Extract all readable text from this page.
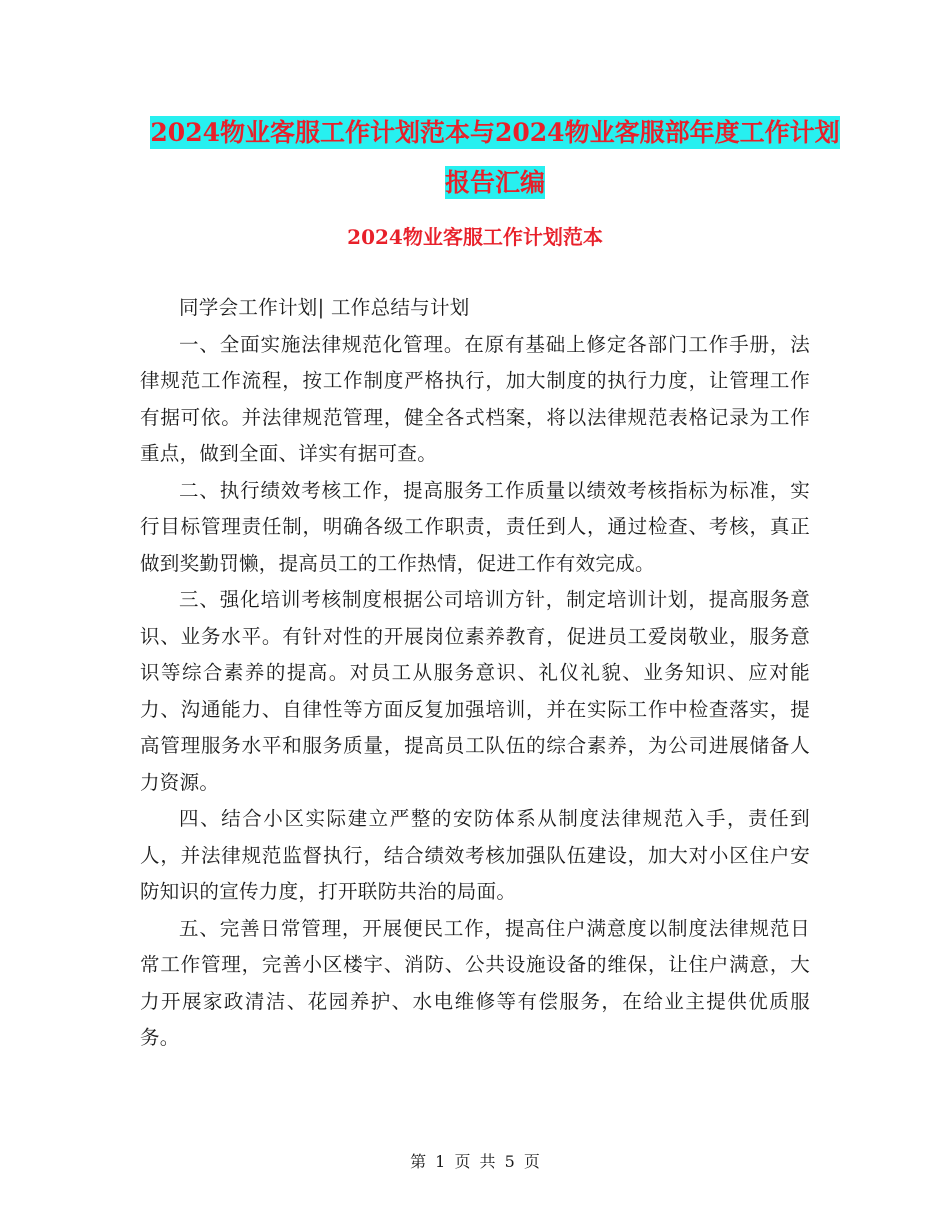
2024物业客服工作计划范本与2024物业客服部年度工作计划报告汇编
2024物业客服工作计划范本

同学会工作计划| 工作总结与计划

一、全面实施法律规范化管理。在原有基础上修定各部门工作手册，法律规范工作流程，按工作制度严格执行，加大制度的执行力度，让管理工作有据可依。并法律规范管理，健全各式档案，将以法律规范表格记录为工作重点，做到全面、详实有据可查。

二、执行绩效考核工作，提高服务工作质量以绩效考核指标为标准，实行目标管理责任制，明确各级工作职责，责任到人，通过检查、考核，真正做到奖勤罚懒，提高员工的工作热情，促进工作有效完成。

三、强化培训考核制度根据公司培训方针，制定培训计划，提高服务意识、业务水平。有针对性的开展岗位素养教育，促进员工爱岗敬业，服务意识等综合素养的提高。对员工从服务意识、礼仪礼貌、业务知识、应对能力、沟通能力、自律性等方面反复加强培训，并在实际工作中检查落实，提高管理服务水平和服务质量，提高员工队伍的综合素养，为公司进展储备人力资源。

四、结合小区实际建立严整的安防体系从制度法律规范入手，责任到人，并法律规范监督执行，结合绩效考核加强队伍建设，加大对小区住户安防知识的宣传力度，打开联防共治的局面。

五、完善日常管理，开展便民工作，提高住户满意度以制度法律规范日常工作管理，完善小区楼宇、消防、公共设施设备的维保，让住户满意，大力开展家政清洁、花园养护、水电维修等有偿服务，在给业主提供优质服务。

第 1 页 共 5 页
